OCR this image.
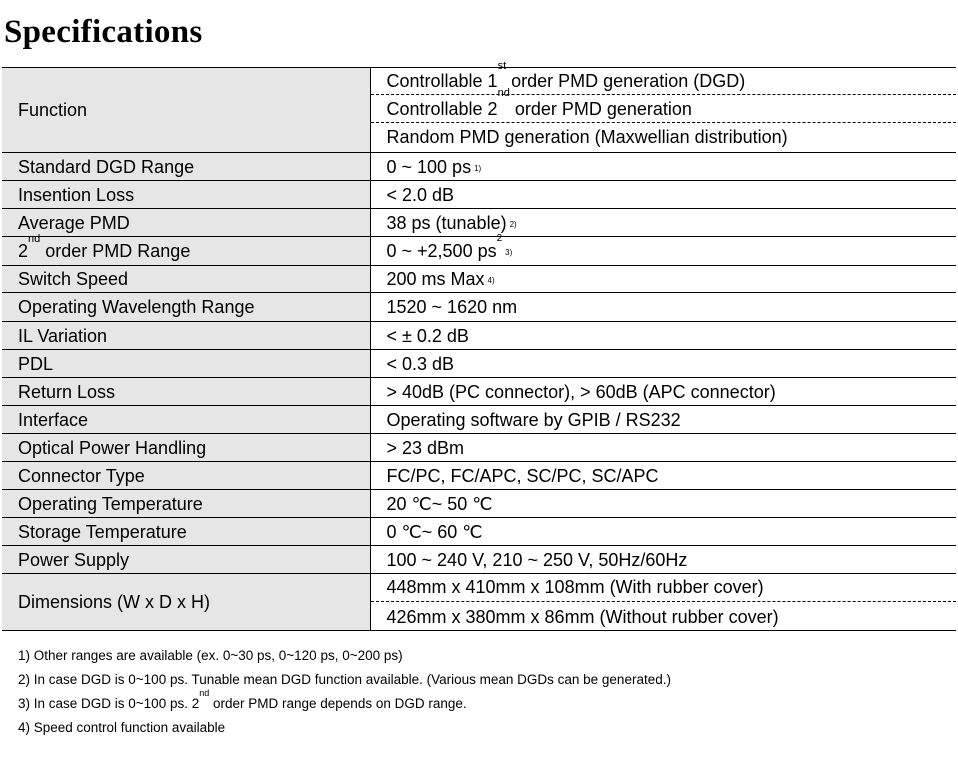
Specifications
Function	Controllable 1st order PMD generation (DGD)
Controllable 2nd order PMD generation
Random PMD generation (Maxwellian distribution)

Standard DGD Range	0 ~ 100 ps $^{1)}$
Insention Loss	< 2.0 dB
Average PMD	38 ps (tunable) $^{2)}$
2nd order PMD Range	0 ~ +2,500 ps$^{23)}$
Switch Speed	200 ms Max $^{4)}$
Operating Wavelength Range	1520 ~ 1620 nm
IL Variation	< ± 0.2 dB
PDL	< 0.3 dB
Return Loss	> 40dB (PC connector), > 60dB (APC connector)
Interface	Operating software by GPIB / RS232
Optical Power Handling	> 23 dBm
Connector Type	FC/PC, FC/APC, SC/PC, SC/APC
Operating Temperature	20 ℃~ 50 ℃
Storage Temperature	0 ℃~ 60 ℃
Power Supply	100 ~ 240 V, 210 ~ 250 V, 50Hz/60Hz
Dimensions (W x D x H)	448mm x 410mm x 108mm (With rubber cover)
426mm x 380mm x 86mm (Without rubber cover)
1) Other ranges are available (ex. 0~30 ps, 0~120 ps, 0~200 ps)
2) In case DGD is 0~100 ps. Tunable mean DGD function available. (Various mean DGDs can be generated.)
3) In case DGD is 0~100 ps. 2nd order PMD range depends on DGD range.
4) Speed control function available
